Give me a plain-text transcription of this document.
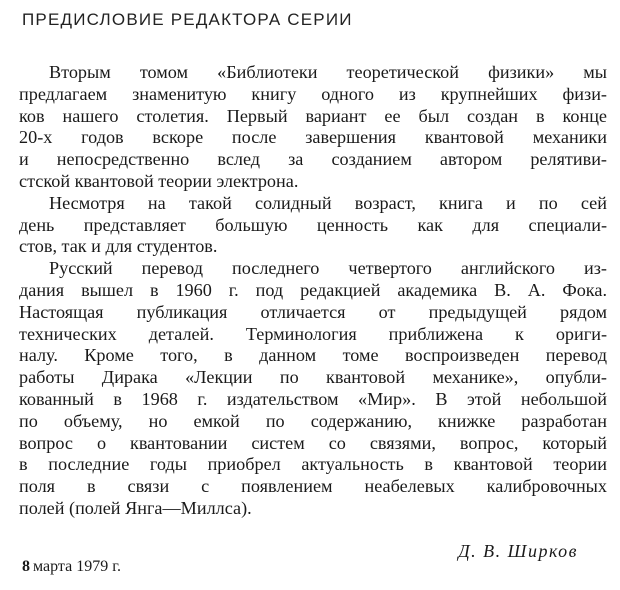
ПРЕДИСЛОВИЕ РЕДАКТОРА СЕРИИ
Вторым томом «Библиотеки теоретической физики» мы
предлагаем знаменитую книгу одного из крупнейших физи-
ков нашего столетия. Первый вариант ее был создан в конце
20-х годов вскоре после завершения квантовой механики
и непосредственно вслед за созданием автором релятиви-
стской квантовой теории электрона.
Несмотря на такой солидный возраст, книга и по сей
день представляет большую ценность как для специали-
стов, так и для студентов.
Русский перевод последнего четвертого английского из-
дания вышел в 1960 г. под редакцией академика В. А. Фока.
Настоящая публикация отличается от предыдущей рядом
технических деталей. Терминология приближена к ориги-
налу. Кроме того, в данном томе воспроизведен перевод
работы Дирака «Лекции по квантовой механике», опубли-
кованный в 1968 г. издательством «Мир». В этой небольшой
по объему, но емкой по содержанию, книжке разработан
вопрос о квантовании систем со связями, вопрос, который
в последние годы приобрел актуальность в квантовой теории
поля в связи с появлением неабелевых калибровочных
полей (полей Янга—Миллса).
Д. В. Ширков
8 марта 1979 г.
